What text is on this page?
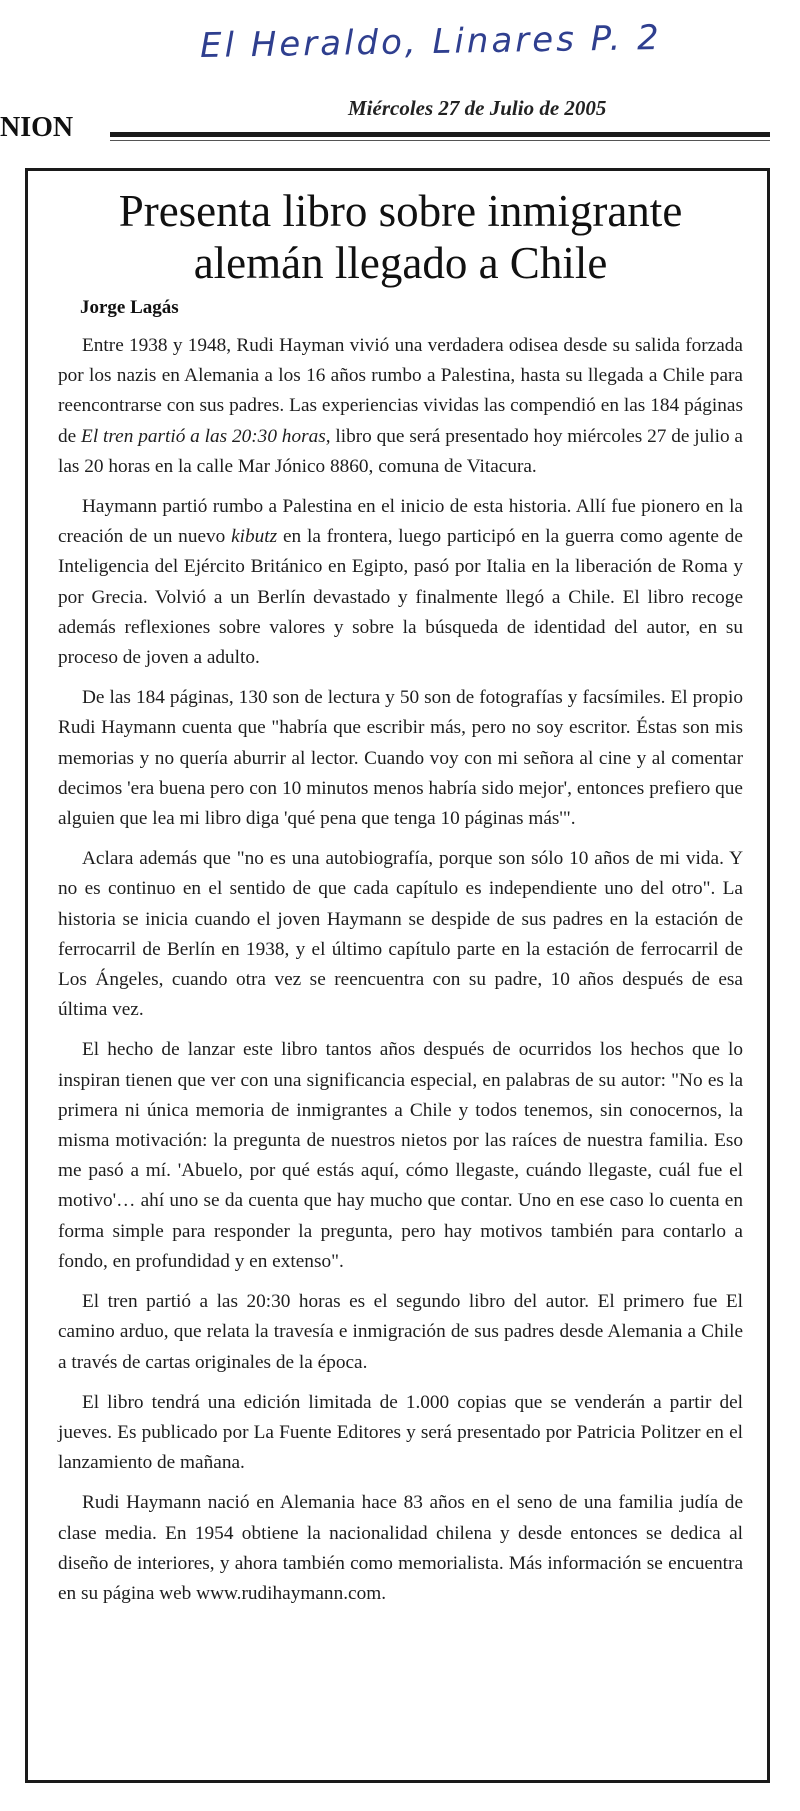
El Heraldo, Linares P. 2
NION
Miércoles 27 de Julio de 2005
Presenta libro sobre inmigrante alemán llegado a Chile
Jorge Lagás

Entre 1938 y 1948, Rudi Hayman vivió una verdadera odisea desde su salida forzada por los nazis en Alemania a los 16 años rumbo a Palestina, hasta su llegada a Chile para reencontrarse con sus padres. Las experiencias vividas las compendió en las 184 páginas de El tren partió a las 20:30 horas, libro que será presentado hoy miércoles 27 de julio a las 20 horas en la calle Mar Jónico 8860, comuna de Vitacura.

Haymann partió rumbo a Palestina en el inicio de esta historia. Allí fue pionero en la creación de un nuevo kibutz en la frontera, luego participó en la guerra como agente de Inteligencia del Ejército Británico en Egipto, pasó por Italia en la liberación de Roma y por Grecia. Volvió a un Berlín devastado y finalmente llegó a Chile. El libro recoge además reflexiones sobre valores y sobre la búsqueda de identidad del autor, en su proceso de joven a adulto.

De las 184 páginas, 130 son de lectura y 50 son de fotografías y facsímiles. El propio Rudi Haymann cuenta que "habría que escribir más, pero no soy escritor. Éstas son mis memorias y no quería aburrir al lector. Cuando voy con mi señora al cine y al comentar decimos 'era buena pero con 10 minutos menos habría sido mejor', entonces prefiero que alguien que lea mi libro diga 'qué pena que tenga 10 páginas más'".

Aclara además que "no es una autobiografía, porque son sólo 10 años de mi vida. Y no es continuo en el sentido de que cada capítulo es independiente uno del otro". La historia se inicia cuando el joven Haymann se despide de sus padres en la estación de ferrocarril de Berlín en 1938, y el último capítulo parte en la estación de ferrocarril de Los Ángeles, cuando otra vez se reencuentra con su padre, 10 años después de esa última vez.

El hecho de lanzar este libro tantos años después de ocurridos los hechos que lo inspiran tienen que ver con una significancia especial, en palabras de su autor: "No es la primera ni única memoria de inmigrantes a Chile y todos tenemos, sin conocernos, la misma motivación: la pregunta de nuestros nietos por las raíces de nuestra familia. Eso me pasó a mí. 'Abuelo, por qué estás aquí, cómo llegaste, cuándo llegaste, cuál fue el motivo'… ahí uno se da cuenta que hay mucho que contar. Uno en ese caso lo cuenta en forma simple para responder la pregunta, pero hay motivos también para contarlo a fondo, en profundidad y en extenso".

El tren partió a las 20:30 horas es el segundo libro del autor. El primero fue El camino arduo, que relata la travesía e inmigración de sus padres desde Alemania a Chile a través de cartas originales de la época.

El libro tendrá una edición limitada de 1.000 copias que se venderán a partir del jueves. Es publicado por La Fuente Editores y será presentado por Patricia Politzer en el lanzamiento de mañana.

Rudi Haymann nació en Alemania hace 83 años en el seno de una familia judía de clase media. En 1954 obtiene la nacionalidad chilena y desde entonces se dedica al diseño de interiores, y ahora también como memorialista. Más información se encuentra en su página web www.rudihaymann.com.
